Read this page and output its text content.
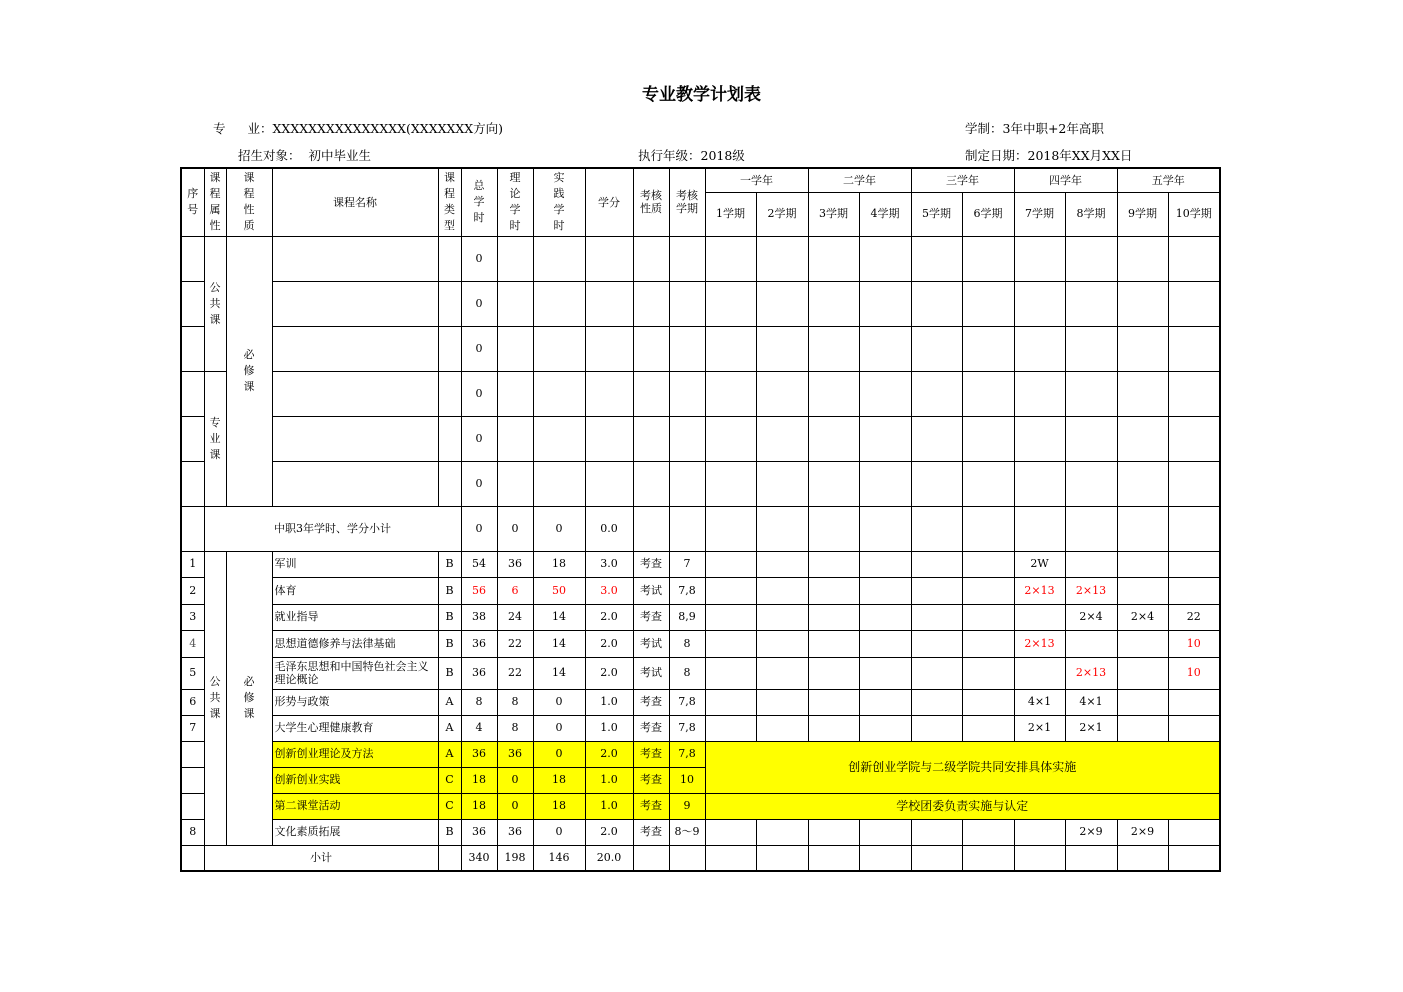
专业教学计划表
专 业：XXXXXXXXXXXXXXX(XXXXXXX方向)	学制：3年中职+2年高职
招生对象： 初中毕业生	执行年级：2018级	制定日期：2018年XX月XX日
序号	课程属性	课程性质	课程名称	课程类型	总学时	理论学时	实践学时	学分	考核性质	考核学期	一学年		二学年		三学年		四学年		五学年	
											1学期	2学期	3学期	4学期	5学期	6学期	7学期	8学期	9学期	10学期
	公共课	必修课			0															
					0															
					0															
	专业课				0															
					0															
					0															
	中职3年学时、学分小计				0	0	0	0.0												
1	公共课	必修课	军训	B	54	36	18	3.0	考查	7							2W			
2			体育	B	56	6	50	3.0	考试	7,8							2×13	2×13		
3			就业指导	B	38	24	14	2.0	考查	8,9								2×4	2×4	22
4			思想道德修养与法律基础	B	36	22	14	2.0	考试	8							2×13			10
5			毛泽东思想和中国特色社会主义理论概论	B	36	22	14	2.0	考试	8								2×13		10
6			形势与政策	A	8	8	0	1.0	考查	7,8							4×1	4×1		
7			大学生心理健康教育	A	4	8	0	1.0	考查	7,8							2×1	2×1		
			创新创业理论及方法	A	36	36	0	2.0	考查	7,8	创新创业学院与二级学院共同安排具体实施									
			创新创业实践	C	18	0	18	1.0	考查	10										
			第二课堂活动	C	18	0	18	1.0	考查	9	学校团委负责实施与认定									
8			文化素质拓展	B	36	36	0	2.0	考查	8～9								2×9	2×9	
	小计				340	198	146	20.0												
